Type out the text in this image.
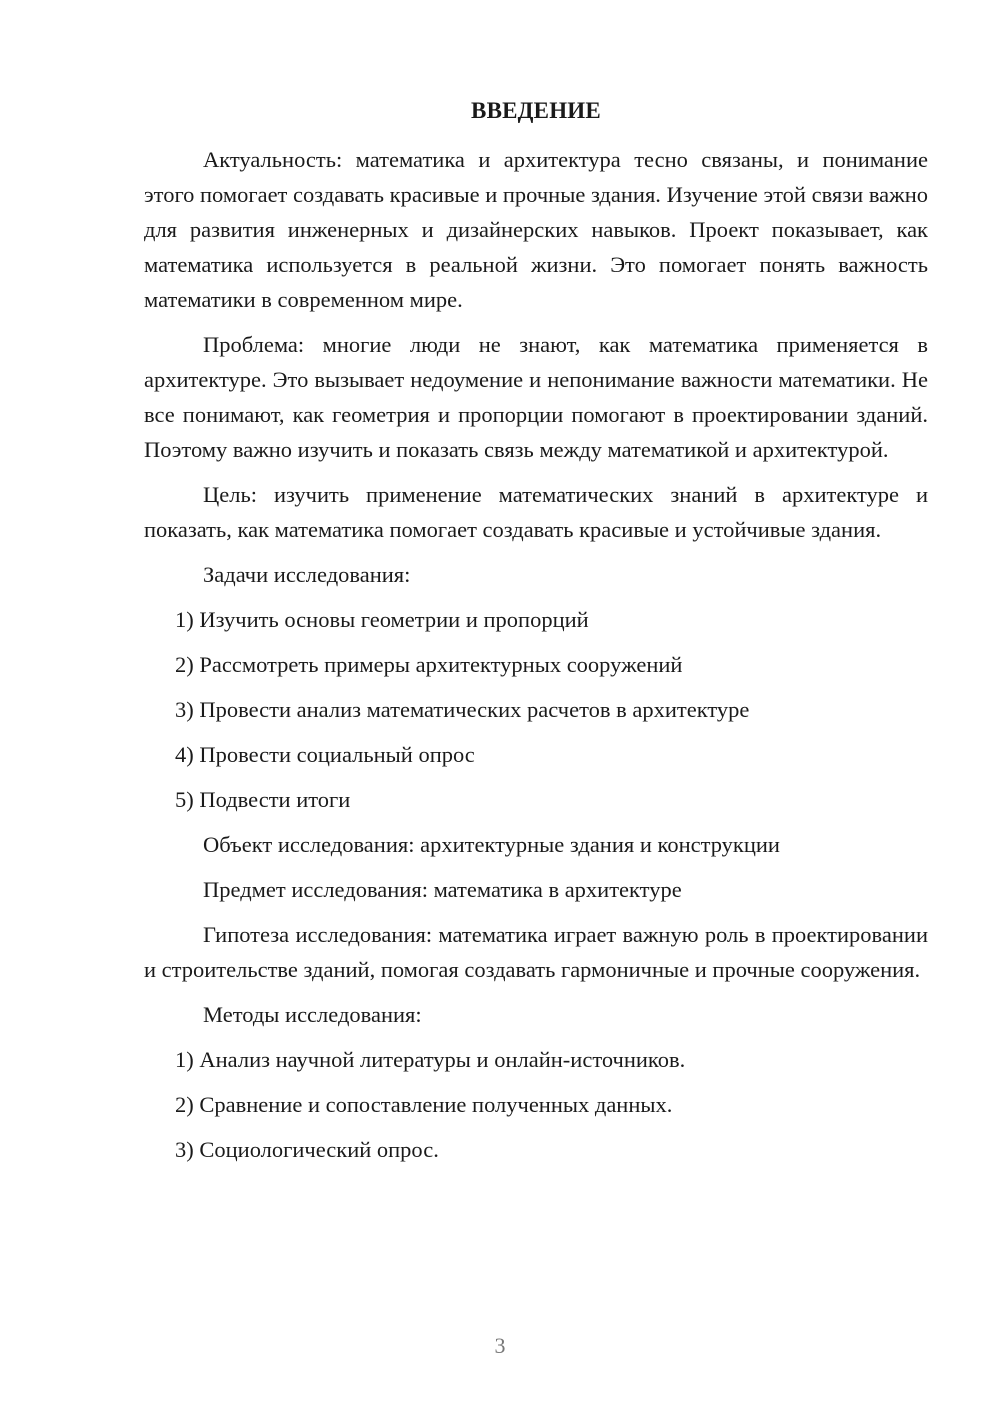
ВВЕДЕНИЕ

Актуальность: математика и архитектура тесно связаны, и понимание этого помогает создавать красивые и прочные здания. Изучение этой связи важно для развития инженерных и дизайнерских навыков. Проект показывает, как математика используется в реальной жизни. Это помогает понять важность математики в современном мире.

Проблема: многие люди не знают, как математика применяется в архитектуре. Это вызывает недоумение и непонимание важности математики. Не все понимают, как геометрия и пропорции помогают в проектировании зданий. Поэтому важно изучить и показать связь между математикой и архитектурой.

Цель: изучить применение математических знаний в архитектуре и показать, как математика помогает создавать красивые и устойчивые здания.

Задачи исследования:
1) Изучить основы геометрии и пропорций
2) Рассмотреть примеры архитектурных сооружений
3) Провести анализ математических расчетов в архитектуре
4) Провести социальный опрос
5) Подвести итоги
Объект исследования: архитектурные здания и конструкции
Предмет исследования: математика в архитектуре

Гипотеза исследования: математика играет важную роль в проектировании и строительстве зданий, помогая создавать гармоничные и прочные сооружения.

Методы исследования:
1) Анализ научной литературы и онлайн-источников.
2) Сравнение и сопоставление полученных данных.
3) Социологический опрос.
3
